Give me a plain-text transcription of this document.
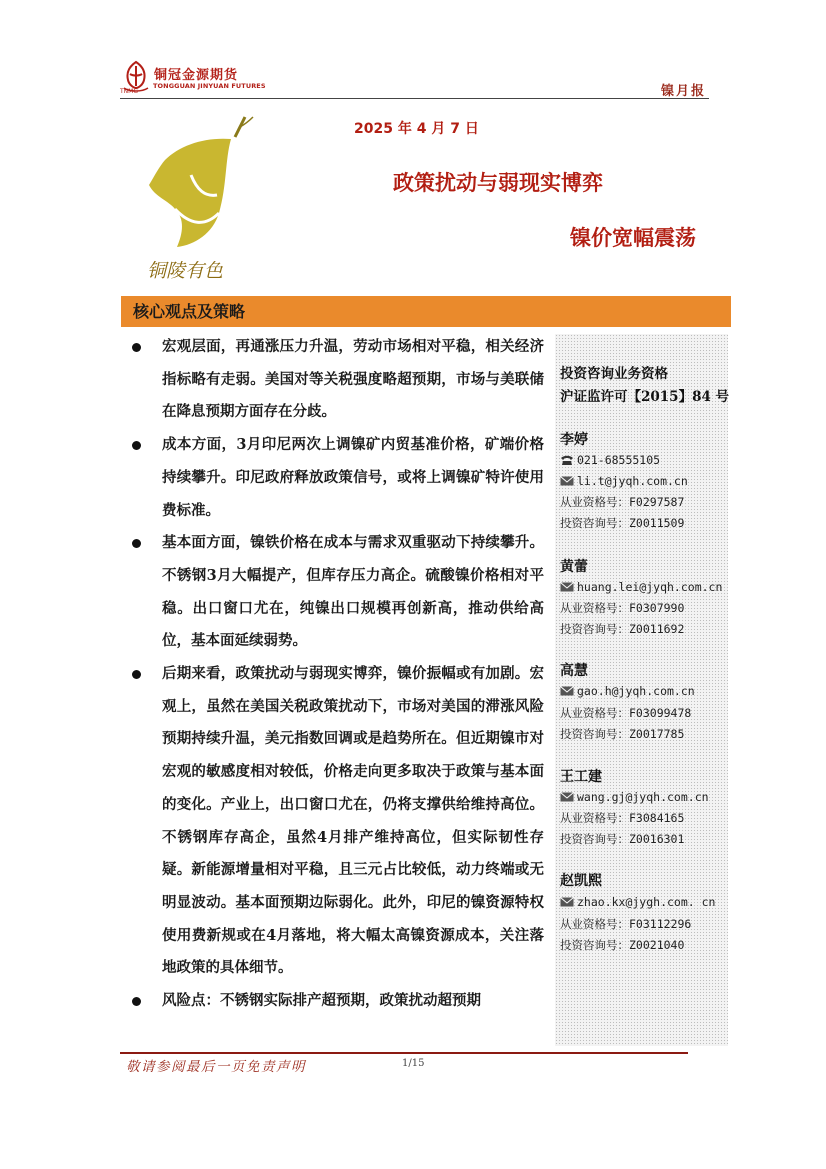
铜冠金源期货
TONGGUAN JINYUAN FUTURES
TNMG	镍月报
铜陵有色
2025 年 4 月 7 日
政策扰动与弱现实博弈
镍价宽幅震荡
核心观点及策略
宏观层面，再通涨压力升温，劳动市场相对平稳，相关经济指标略有走弱。美国对等关税强度略超预期，市场与美联储在降息预期方面存在分歧。
成本方面，3月印尼两次上调镍矿内贸基准价格，矿端价格持续攀升。印尼政府释放政策信号，或将上调镍矿特许使用费标准。
基本面方面，镍铁价格在成本与需求双重驱动下持续攀升。不锈钢3月大幅提产，但库存压力高企。硫酸镍价格相对平稳。出口窗口尤在，纯镍出口规模再创新高，推动供给高位，基本面延续弱势。
后期来看，政策扰动与弱现实博弈，镍价振幅或有加剧。宏观上，虽然在美国关税政策扰动下，市场对美国的滞涨风险预期持续升温，美元指数回调或是趋势所在。但近期镍市对宏观的敏感度相对较低，价格走向更多取决于政策与基本面的变化。产业上，出口窗口尤在，仍将支撑供给维持高位。不锈钢库存高企，虽然4月排产维持高位，但实际韧性存疑。新能源增量相对平稳，且三元占比较低，动力终端或无明显波动。基本面预期边际弱化。此外，印尼的镍资源特权使用费新规或在4月落地，将大幅太高镍资源成本，关注落地政策的具体细节。
风险点：不锈钢实际排产超预期，政策扰动超预期
投资咨询业务资格
沪证监许可【2015】84 号
李婷
021-68555105
li.t@jyqh.com.cn
从业资格号：F0297587
投资咨询号：Z0011509
黄蕾
huang.lei@jyqh.com.cn
从业资格号：F0307990
投资咨询号：Z0011692
高慧
gao.h@jyqh.com.cn
从业资格号：F03099478
投资咨询号：Z0017785
王工建
wang.gj@jyqh.com.cn
从业资格号：F3084165
投资咨询号：Z0016301
赵凯熙
zhao.kx@jygh.com. cn
从业资格号：F03112296
投资咨询号：Z0021040
敬请参阅最后一页免责声明	1/15
